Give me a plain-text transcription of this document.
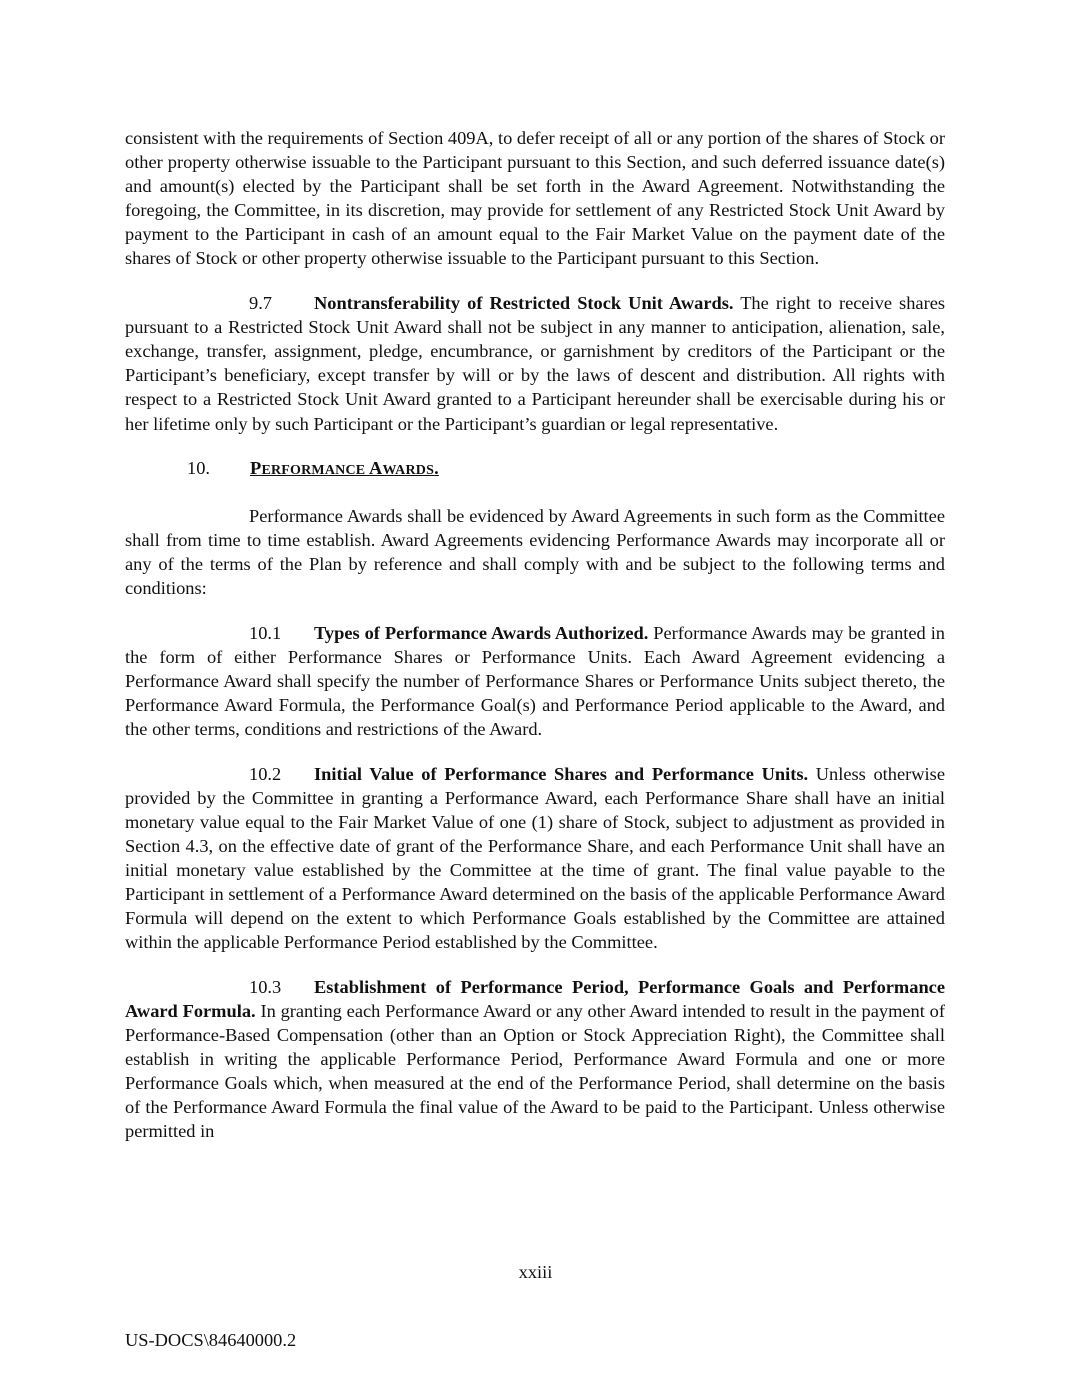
consistent with the requirements of Section 409A, to defer receipt of all or any portion of the shares of Stock or other property otherwise issuable to the Participant pursuant to this Section, and such deferred issuance date(s) and amount(s) elected by the Participant shall be set forth in the Award Agreement. Notwithstanding the foregoing, the Committee, in its discretion, may provide for settlement of any Restricted Stock Unit Award by payment to the Participant in cash of an amount equal to the Fair Market Value on the payment date of the shares of Stock or other property otherwise issuable to the Participant pursuant to this Section.

9.7 Nontransferability of Restricted Stock Unit Awards. The right to receive shares pursuant to a Restricted Stock Unit Award shall not be subject in any manner to anticipation, alienation, sale, exchange, transfer, assignment, pledge, encumbrance, or garnishment by creditors of the Participant or the Participant’s beneficiary, except transfer by will or by the laws of descent and distribution. All rights with respect to a Restricted Stock Unit Award granted to a Participant hereunder shall be exercisable during his or her lifetime only by such Participant or the Participant’s guardian or legal representative.

10. PERFORMANCE AWARDS.

Performance Awards shall be evidenced by Award Agreements in such form as the Committee shall from time to time establish. Award Agreements evidencing Performance Awards may incorporate all or any of the terms of the Plan by reference and shall comply with and be subject to the following terms and conditions:

10.1 Types of Performance Awards Authorized. Performance Awards may be granted in the form of either Performance Shares or Performance Units. Each Award Agreement evidencing a Performance Award shall specify the number of Performance Shares or Performance Units subject thereto, the Performance Award Formula, the Performance Goal(s) and Performance Period applicable to the Award, and the other terms, conditions and restrictions of the Award.

10.2 Initial Value of Performance Shares and Performance Units. Unless otherwise provided by the Committee in granting a Performance Award, each Performance Share shall have an initial monetary value equal to the Fair Market Value of one (1) share of Stock, subject to adjustment as provided in Section 4.3, on the effective date of grant of the Performance Share, and each Performance Unit shall have an initial monetary value established by the Committee at the time of grant. The final value payable to the Participant in settlement of a Performance Award determined on the basis of the applicable Performance Award Formula will depend on the extent to which Performance Goals established by the Committee are attained within the applicable Performance Period established by the Committee.

10.3 Establishment of Performance Period, Performance Goals and Performance Award Formula. In granting each Performance Award or any other Award intended to result in the payment of Performance-Based Compensation (other than an Option or Stock Appreciation Right), the Committee shall establish in writing the applicable Performance Period, Performance Award Formula and one or more Performance Goals which, when measured at the end of the Performance Period, shall determine on the basis of the Performance Award Formula the final value of the Award to be paid to the Participant. Unless otherwise permitted in

xxiii
US-DOCS\84640000.2
